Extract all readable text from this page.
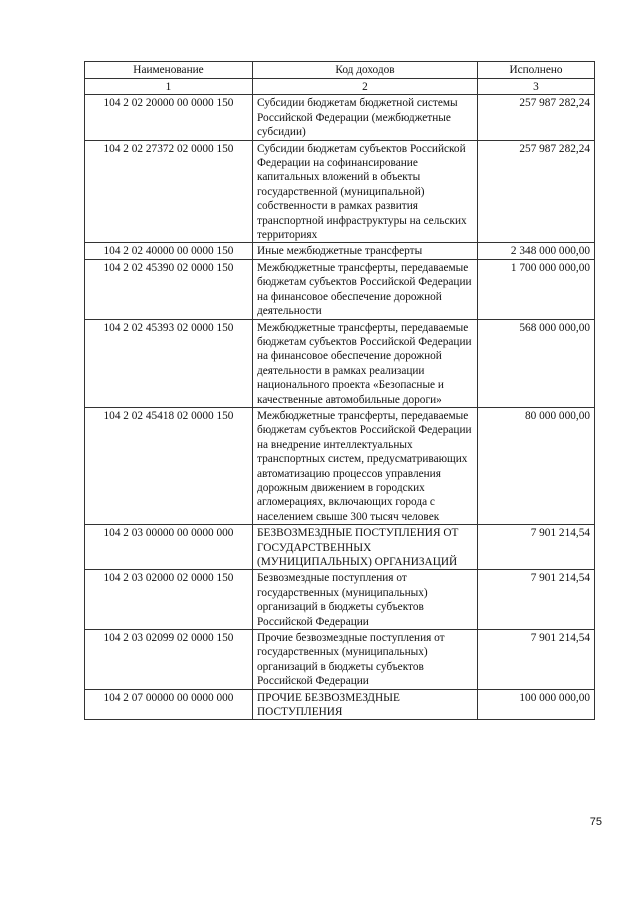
Наименование	Код доходов	Исполнено
1	2	3
104 2 02 20000 00 0000 150	Субсидии бюджетам бюджетной системы Российской Федерации (межбюджетные субсидии)	257 987 282,24
104 2 02 27372 02 0000 150	Субсидии бюджетам субъектов Российской Федерации на софинансирование капитальных вложений в объекты государственной (муниципальной) собственности в рамках развития транспортной инфраструктуры на сельских территориях	257 987 282,24
104 2 02 40000 00 0000 150	Иные межбюджетные трансферты	2 348 000 000,00
104 2 02 45390 02 0000 150	Межбюджетные трансферты, передаваемые бюджетам субъектов Российской Федерации на финансовое обеспечение дорожной деятельности	1 700 000 000,00
104 2 02 45393 02 0000 150	Межбюджетные трансферты, передаваемые бюджетам субъектов Российской Федерации на финансовое обеспечение дорожной деятельности в рамках реализации национального проекта «Безопасные и качественные автомобильные дороги»	568 000 000,00
104 2 02 45418 02 0000 150	Межбюджетные трансферты, передаваемые бюджетам субъектов Российской Федерации на внедрение интеллектуальных транспортных систем, предусматривающих автоматизацию процессов управления дорожным движением в городских агломерациях, включающих города с населением свыше 300 тысяч человек	80 000 000,00
104 2 03 00000 00 0000 000	БЕЗВОЗМЕЗДНЫЕ ПОСТУПЛЕНИЯ ОТ ГОСУДАРСТВЕННЫХ (МУНИЦИПАЛЬНЫХ) ОРГАНИЗАЦИЙ	7 901 214,54
104 2 03 02000 02 0000 150	Безвозмездные поступления от государственных (муниципальных) организаций в бюджеты субъектов Российской Федерации	7 901 214,54
104 2 03 02099 02 0000 150	Прочие безвозмездные поступления от государственных (муниципальных) организаций в бюджеты субъектов Российской Федерации	7 901 214,54
104 2 07 00000 00 0000 000	ПРОЧИЕ БЕЗВОЗМЕЗДНЫЕ ПОСТУПЛЕНИЯ	100 000 000,00
75
